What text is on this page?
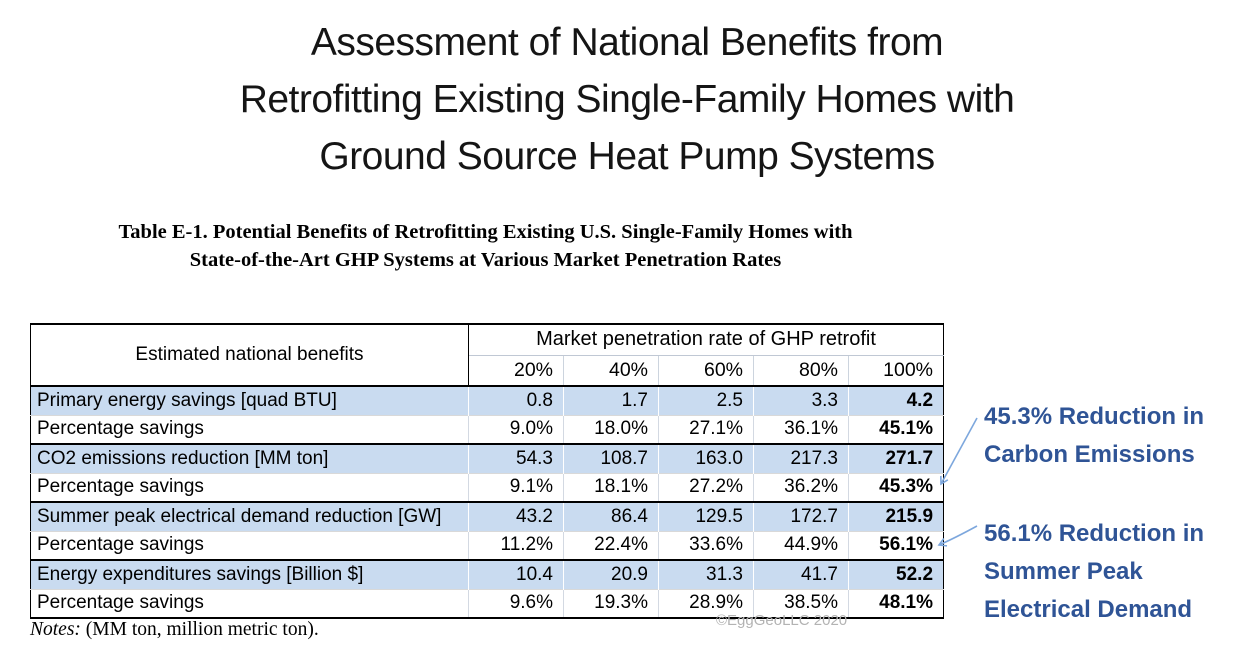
Assessment of National Benefits from
Retrofitting Existing Single-Family Homes with
Ground Source Heat Pump Systems
Table E-1. Potential Benefits of Retrofitting Existing U.S. Single-Family Homes with
State-of-the-Art GHP Systems at Various Market Penetration Rates
Estimated national benefits	Market penetration rate of GHP retrofit				
	20%	40%	60%	80%	100%
Primary energy savings [quad BTU]	0.8	1.7	2.5	3.3	4.2
Percentage savings	9.0%	18.0%	27.1%	36.1%	45.1%
CO2 emissions reduction [MM ton]	54.3	108.7	163.0	217.3	271.7
Percentage savings	9.1%	18.1%	27.2%	36.2%	45.3%
Summer peak electrical demand reduction [GW]	43.2	86.4	129.5	172.7	215.9
Percentage savings	11.2%	22.4%	33.6%	44.9%	56.1%
Energy expenditures savings [Billion $]	10.4	20.9	31.3	41.7	52.2
Percentage savings	9.6%	19.3%	28.9%	38.5%	48.1%
Notes: (MM ton, million metric ton).	©EggGeoLLC 2020
45.3% Reduction in
Carbon Emissions
56.1% Reduction in
Summer Peak
Electrical Demand
